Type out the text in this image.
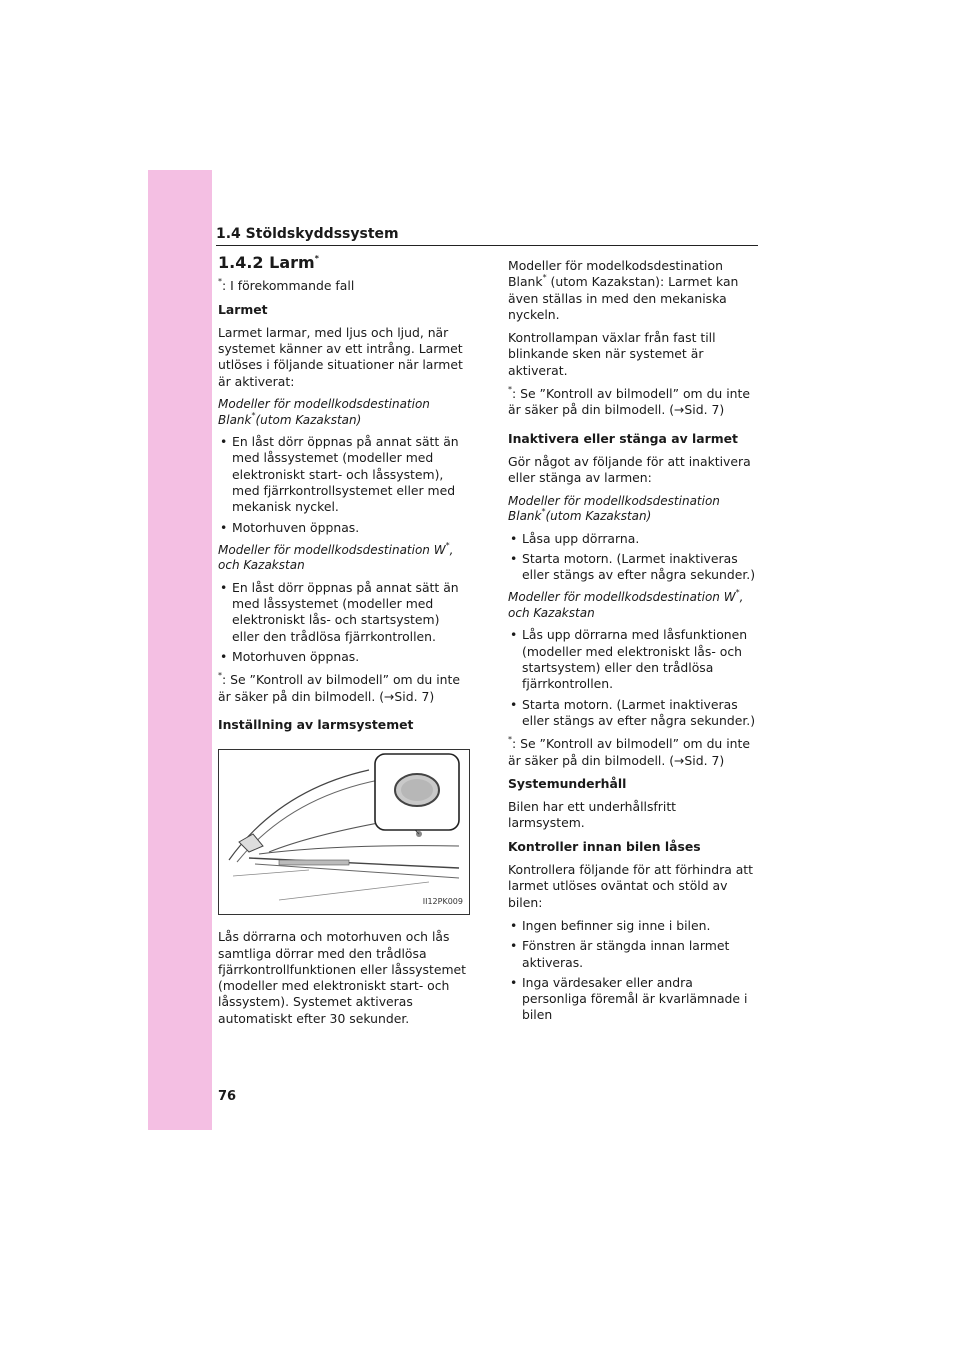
1.4 Stöldskyddssystem

1.4.2 Larm*

*: I förekommande fall

Larmet

Larmet larmar, med ljus och ljud, när systemet känner av ett intrång. Larmet utlöses i följande situationer när larmet är aktiverat:

Modeller för modellkodsdestination Blank*(utom Kazakstan)

• En låst dörr öppnas på annat sätt än med låssystemet (modeller med elektroniskt start- och låssystem), med fjärrkontrollsystemet eller med mekanisk nyckel.
• Motorhuven öppnas.

Modeller för modellkodsdestination W*, och Kazakstan

• En låst dörr öppnas på annat sätt än med låssystemet (modeller med elektroniskt lås- och startsystem) eller den trådlösa fjärrkontrollen.
• Motorhuven öppnas.

*: Se ”Kontroll av bilmodell” om du inte är säker på din bilmodell. (→Sid. 7)

Inställning av larmsystemet

II12PK009

Lås dörrarna och motorhuven och lås samtliga dörrar med den trådlösa fjärrkontrollfunktionen eller låssystemet (modeller med elektroniskt start- och låssystem). Systemet aktiveras automatiskt efter 30 sekunder.

Modeller för modelkodsdestination Blank* (utom Kazakstan): Larmet kan även ställas in med den mekaniska nyckeln.

Kontrollampan växlar från fast till blinkande sken när systemet är aktiverat.

*: Se ”Kontroll av bilmodell” om du inte är säker på din bilmodell. (→Sid. 7)

Inaktivera eller stänga av larmet

Gör något av följande för att inaktivera eller stänga av larmen:

Modeller för modellkodsdestination Blank*(utom Kazakstan)

• Låsa upp dörrarna.
• Starta motorn. (Larmet inaktiveras eller stängs av efter några sekunder.)

Modeller för modellkodsdestination W*, och Kazakstan

• Lås upp dörrarna med låsfunktionen (modeller med elektroniskt lås- och startsystem) eller den trådlösa fjärrkontrollen.
• Starta motorn. (Larmet inaktiveras eller stängs av efter några sekunder.)

*: Se ”Kontroll av bilmodell” om du inte är säker på din bilmodell. (→Sid. 7)

Systemunderhåll

Bilen har ett underhållsfritt larmsystem.

Kontroller innan bilen låses

Kontrollera följande för att förhindra att larmet utlöses oväntat och stöld av bilen:

• Ingen befinner sig inne i bilen.
• Fönstren är stängda innan larmet aktiveras.
• Inga värdesaker eller andra personliga föremål är kvarlämnade i bilen
76
